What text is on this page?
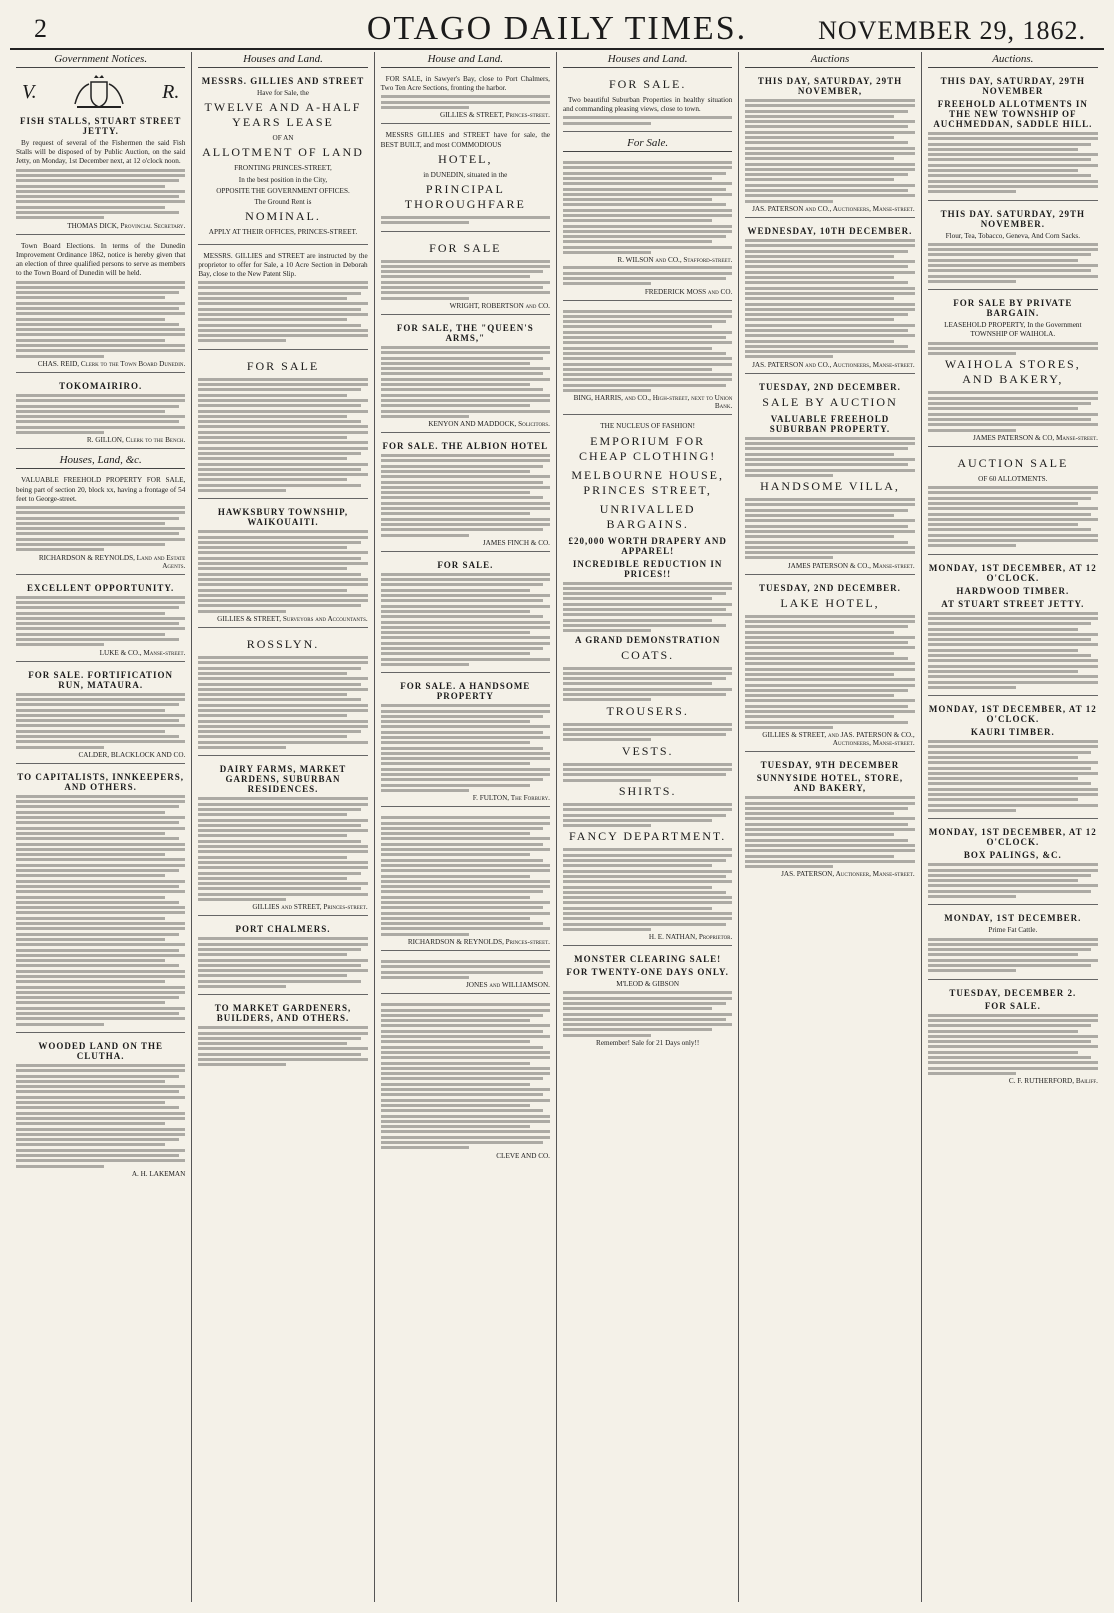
2	OTAGO DAILY TIMES.	NOVEMBER 29, 1862.
Government Notices.
V.	R.
FISH STALLS, STUART STREET JETTY.

By request of several of the Fishermen the said Fish Stalls will be disposed of by Public Auction, on the said Jetty, on Monday, 1st December next, at 12 o'clock noon.

THOMAS DICK, Provincial Secretary.

Town Board Elections. In terms of the Dunedin Improvement Ordinance 1862, notice is hereby given that an election of three qualified persons to serve as members to the Town Board of Dunedin will be held.

CHAS. REID, Clerk to the Town Board Dunedin.
TOKOMAIRIRO.
R. GILLON, Clerk to the Bench.
Houses, Land, &c.

VALUABLE FREEHOLD PROPERTY FOR SALE, being part of section 20, block xx, having a frontage of 54 feet to George-street.

RICHARDSON & REYNOLDS, Land and Estate Agents.
EXCELLENT OPPORTUNITY.
LUKE & CO., Manse-street.
FOR SALE. FORTIFICATION RUN, MATAURA.
CALDER, BLACKLOCK AND CO.
TO CAPITALISTS, INNKEEPERS, AND OTHERS.
WOODED LAND ON THE CLUTHA.
A. H. LAKEMAN
Houses and Land.
MESSRS. GILLIES AND STREET

Have for Sale, the

TWELVE AND A-HALF YEARS LEASE

OF AN

ALLOTMENT OF LAND

FRONTING PRINCES-STREET,

In the best position in the City,

OPPOSITE THE GOVERNMENT OFFICES.

The Ground Rent is

NOMINAL.

APPLY AT THEIR OFFICES, PRINCES-STREET.

MESSRS. GILLIES and STREET are instructed by the proprietor to offer for Sale, a 10 Acre Section in Deborah Bay, close to the New Patent Slip.

FOR SALE
HAWKSBURY TOWNSHIP, WAIKOUAITI.
GILLIES & STREET, Surveyors and Accountants.
ROSSLYN.
DAIRY FARMS, MARKET GARDENS, SUBURBAN RESIDENCES.
GILLIES and STREET, Princes-street.
PORT CHALMERS.
TO MARKET GARDENERS, BUILDERS, AND OTHERS.
House and Land.

FOR SALE, in Sawyer's Bay, close to Port Chalmers, Two Ten Acre Sections, fronting the harbor.

GILLIES & STREET, Princes-street.

MESSRS GILLIES and STREET have for sale, the BEST BUILT, and most COMMODIOUS

HOTEL,

in DUNEDIN, situated in the

PRINCIPAL THOROUGHFARE
FOR SALE
WRIGHT, ROBERTSON and CO.
FOR SALE, THE "QUEEN'S ARMS,"
KENYON AND MADDOCK, Solicitors.
FOR SALE. THE ALBION HOTEL
JAMES FINCH & CO.
FOR SALE.
FOR SALE. A HANDSOME PROPERTY
F. FULTON, The Forbury.
RICHARDSON & REYNOLDS, Princes-street.
JONES and WILLIAMSON.
CLEVE AND CO.
Houses and Land.
FOR SALE.

Two beautiful Suburban Properties in healthy situation and commanding pleasing views, close to town.

For Sale.
R. WILSON and CO., Stafford-street.
FREDERICK MOSS and CO.
BING, HARRIS, and CO., High-street, next to Union Bank.

THE NUCLEUS OF FASHION!

EMPORIUM FOR CHEAP CLOTHING!
MELBOURNE HOUSE, PRINCES STREET,
UNRIVALLED BARGAINS.
£20,000 WORTH DRAPERY AND APPAREL!
INCREDIBLE REDUCTION IN PRICES!!
A GRAND DEMONSTRATION
COATS.
TROUSERS.
VESTS.
SHIRTS.
FANCY DEPARTMENT.
H. E. NATHAN, Proprietor.
MONSTER CLEARING SALE!
FOR TWENTY-ONE DAYS ONLY.

M'LEOD & GIBSON

Remember! Sale for 21 Days only!!

Auctions
THIS DAY, SATURDAY, 29TH NOVEMBER,
JAS. PATERSON and CO., Auctioneers, Manse-street.
WEDNESDAY, 10TH DECEMBER.
JAS. PATERSON and CO., Auctioneers, Manse-street.
TUESDAY, 2ND DECEMBER.
SALE BY AUCTION
VALUABLE FREEHOLD SUBURBAN PROPERTY.
HANDSOME VILLA,
JAMES PATERSON & CO., Manse-street.
TUESDAY, 2ND DECEMBER.
LAKE HOTEL,
GILLIES & STREET, and JAS. PATERSON & CO., Auctioneers, Manse-street.
TUESDAY, 9TH DECEMBER
SUNNYSIDE HOTEL, STORE, AND BAKERY,
JAS. PATERSON, Auctioneer, Manse-street.
Auctions.
THIS DAY, SATURDAY, 29TH NOVEMBER
FREEHOLD ALLOTMENTS IN THE NEW TOWNSHIP OF AUCHMEDDAN, SADDLE HILL.
THIS DAY. SATURDAY, 29TH NOVEMBER.

Flour, Tea, Tobacco, Geneva, And Corn Sacks.

FOR SALE BY PRIVATE BARGAIN.

LEASEHOLD PROPERTY, In the Government TOWNSHIP OF WAIHOLA.

WAIHOLA STORES, AND BAKERY,
JAMES PATERSON & CO, Manse-street.
AUCTION SALE

OF 60 ALLOTMENTS.

MONDAY, 1ST DECEMBER, AT 12 O'CLOCK.
HARDWOOD TIMBER.
AT STUART STREET JETTY.
MONDAY, 1ST DECEMBER, AT 12 O'CLOCK.
KAURI TIMBER.
MONDAY, 1ST DECEMBER, AT 12 O'CLOCK.
BOX PALINGS, &C.
MONDAY, 1ST DECEMBER.

Prime Fat Cattle.

TUESDAY, DECEMBER 2.
FOR SALE.
C. F. RUTHERFORD, Bailiff.
